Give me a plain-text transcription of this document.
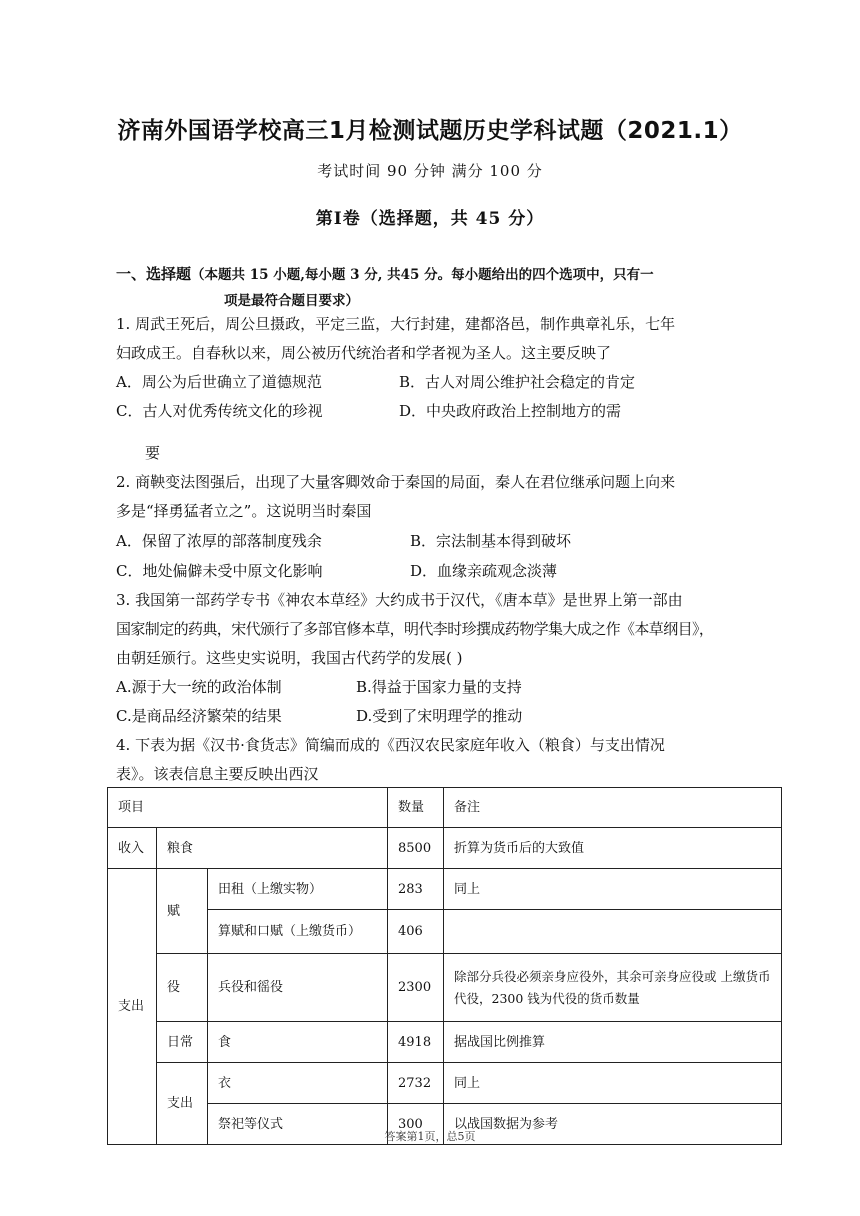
济南外国语学校高三1月检测试题历史学科试题（2021.1）
考试时间 90 分钟 满分 100 分
第Ⅰ卷（选择题，共 45 分）
一、选择题（本题共 15 小题,每小题 3 分, 共45 分。每小题给出的四个选项中，只有一
项是最符合题目要求）
1. 周武王死后，周公旦摄政，平定三监，大行封建，建都洛邑，制作典章礼乐，七年
妇政成王。自春秋以来，周公被历代统治者和学者视为圣人。这主要反映了
A．周公为后世确立了道德规范	B．古人对周公维护社会稳定的肯定
C．古人对优秀传统文化的珍视	D．中央政府政治上控制地方的需
要
2. 商鞅变法图强后，出现了大量客卿效命于秦国的局面，秦人在君位继承问题上向来
多是“择勇猛者立之”。这说明当时秦国
A．保留了浓厚的部落制度残余	B．宗法制基本得到破坏
C．地处偏僻未受中原文化影响	D．血缘亲疏观念淡薄
3. 我国第一部药学专书《神农本草经》大约成书于汉代，《唐本草》是世界上第一部由
国家制定的药典，宋代颁行了多部官修本草，明代李时珍撰成药物学集大成之作《本草纲目》，
由朝廷颁行。这些史实说明，我国古代药学的发展( )
A.源于大一统的政治体制	B.得益于国家力量的支持
C.是商品经济繁荣的结果	D.受到了宋明理学的推动
4. 下表为据《汉书·食货志》简编而成的《西汉农民家庭年收入（粮食）与支出情况
表》。该表信息主要反映出西汉
项目			数量	备注
收入	粮食		8500	折算为货币后的大致值
支出	赋	田租（上缴实物）	283	同上
		算赋和口赋（上缴货币）	406	
	役	兵役和徭役	2300	除部分兵役必须亲身应役外，其余可亲身应役或 上缴货币代役，2300 钱为代役的货币数量
	日常	食	4918	据战国比例推算
	支出	衣	2732	同上
		祭祀等仪式	300	以战国数据为参考
答案第1页，总5页
